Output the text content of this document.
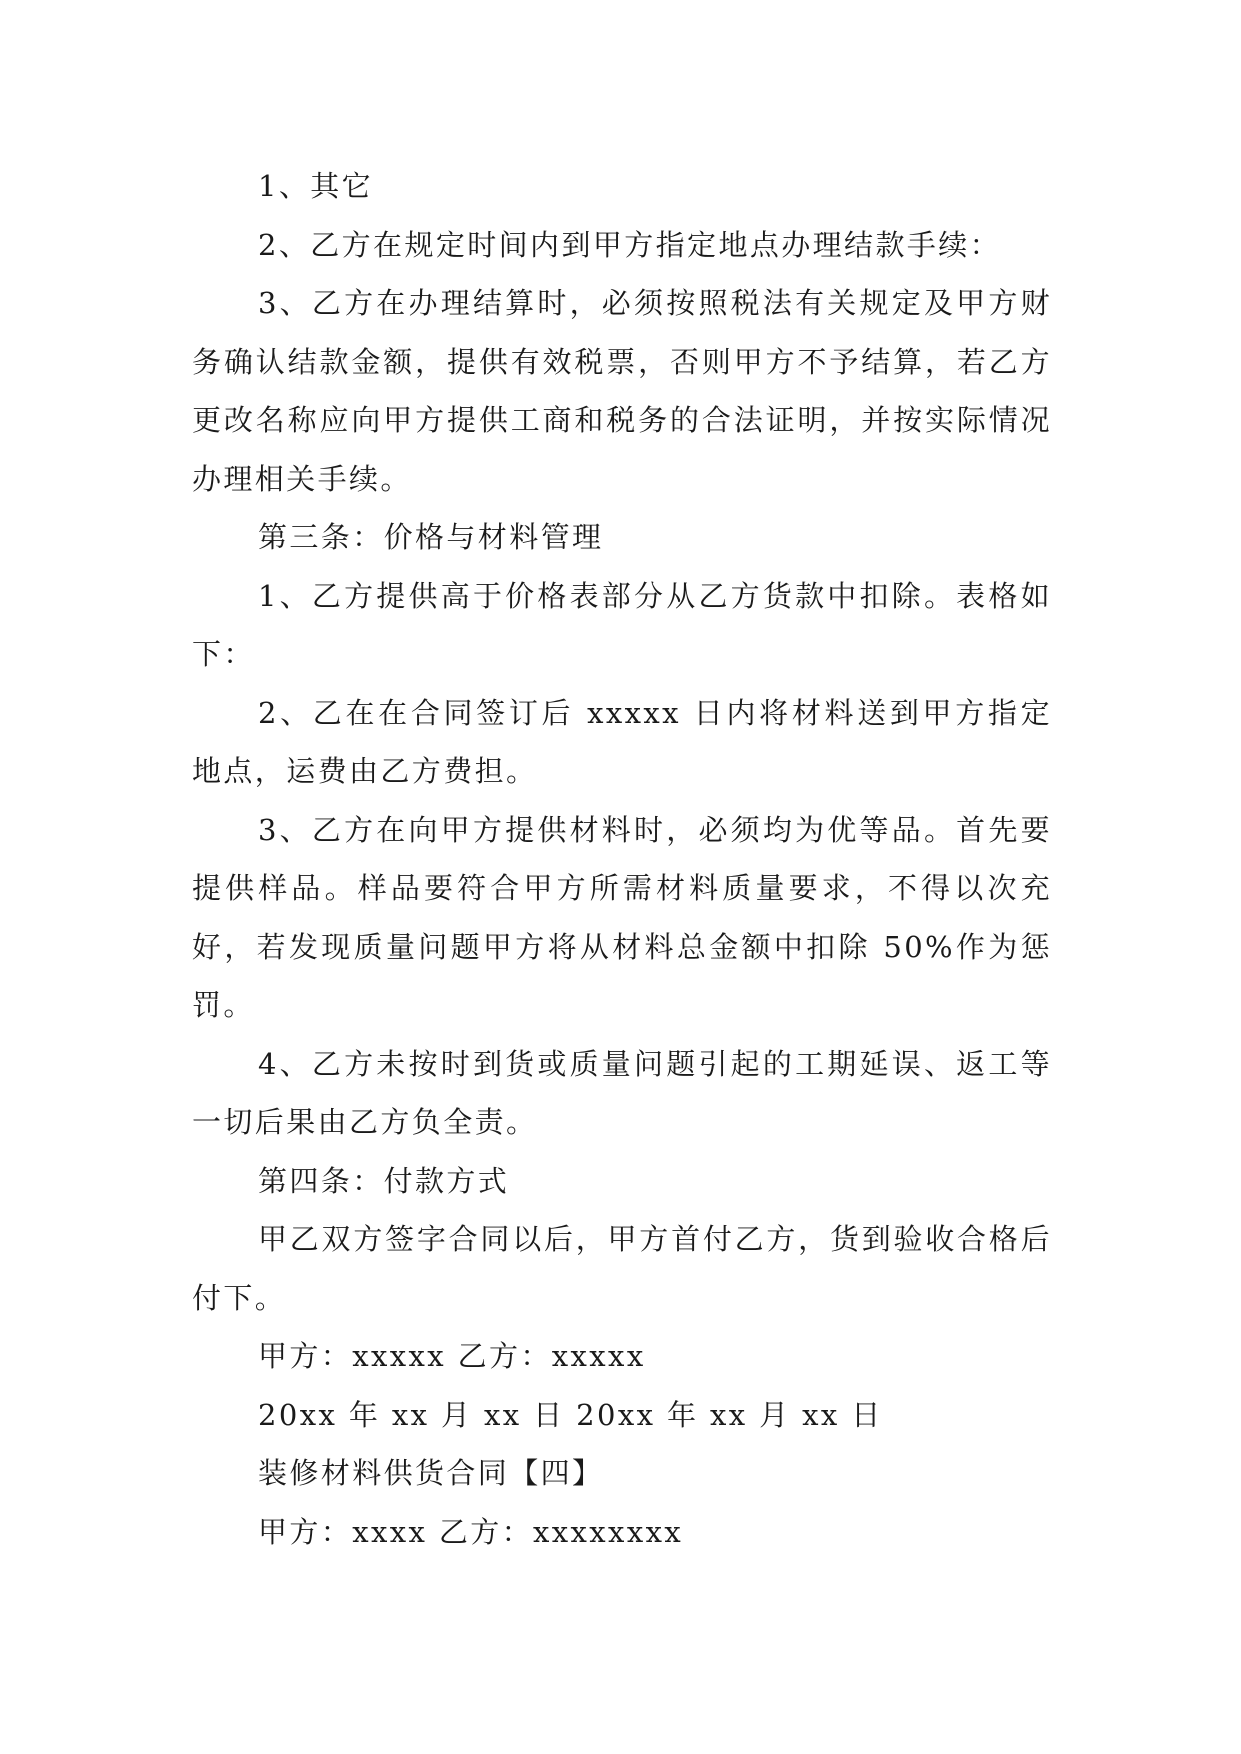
1、其它

2、乙方在规定时间内到甲方指定地点办理结款手续：

3、乙方在办理结算时，必须按照税法有关规定及甲方财务确认结款金额，提供有效税票，否则甲方不予结算，若乙方更改名称应向甲方提供工商和税务的合法证明，并按实际情况办理相关手续。

第三条：价格与材料管理

1、乙方提供高于价格表部分从乙方货款中扣除。表格如下：

2、乙在在合同签订后 xxxxx 日内将材料送到甲方指定地点，运费由乙方费担。

3、乙方在向甲方提供材料时，必须均为优等品。首先要提供样品。样品要符合甲方所需材料质量要求，不得以次充好，若发现质量问题甲方将从材料总金额中扣除 50%作为惩罚。

4、乙方未按时到货或质量问题引起的工期延误、返工等一切后果由乙方负全责。

第四条：付款方式

甲乙双方签字合同以后，甲方首付乙方，货到验收合格后付下。

甲方：xxxxx 乙方：xxxxx

20xx 年 xx 月 xx 日 20xx 年 xx 月 xx 日

装修材料供货合同【四】

甲方：xxxx 乙方：xxxxxxxx
